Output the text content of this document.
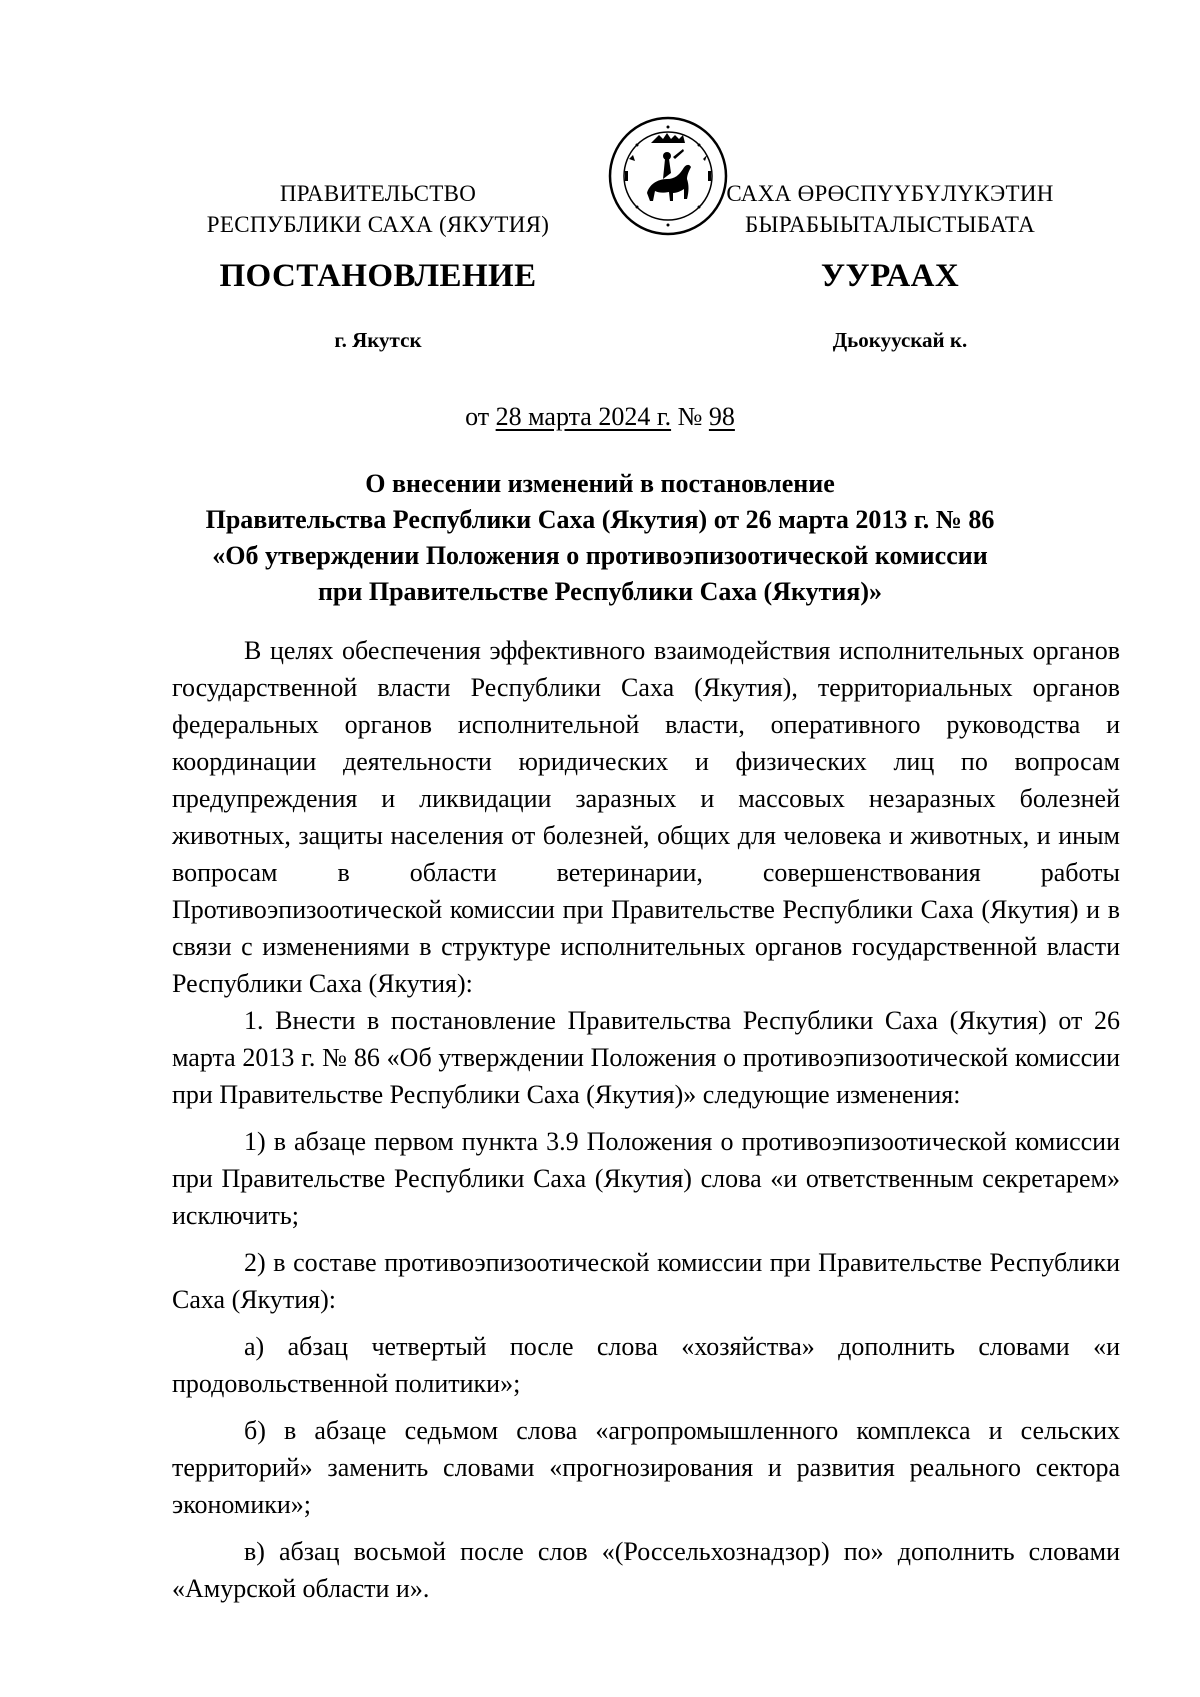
ПРАВИТЕЛЬСТВО
РЕСПУБЛИКИ САХА (ЯКУТИЯ)
САХА ӨРӨСПҮҮБҮЛҮКЭТИН
БЫРАБЫЫТАЛЫСТЫБАТА
ПОСТАНОВЛЕНИЕ	УУРААХ
г. Якутск	Дьокуускай к.
от 28 марта 2024 г. № 98
О внесении изменений в постановление
Правительства Республики Саха (Якутия) от 26 марта 2013 г. № 86
«Об утверждении Положения о противоэпизоотической комиссии
при Правительстве Республики Саха (Якутия)»

В целях обеспечения эффективного взаимодействия исполнительных органов государственной власти Республики Саха (Якутия), территориальных органов федеральных органов исполнительной власти, оперативного руководства и координации деятельности юридических и физических лиц по вопросам предупреждения и ликвидации заразных и массовых незаразных болезней животных, защиты населения от болезней, общих для человека и животных, и иным вопросам в области ветеринарии, совершенствования работы Противоэпизоотической комиссии при Правительстве Республики Саха (Якутия) и в связи с изменениями в структуре исполнительных органов государственной власти Республики Саха (Якутия):

1. Внести в постановление Правительства Республики Саха (Якутия) от 26 марта 2013 г. № 86 «Об утверждении Положения о противоэпизоотической комиссии при Правительстве Республики Саха (Якутия)» следующие изменения:

1) в абзаце первом пункта 3.9 Положения о противоэпизоотической комиссии при Правительстве Республики Саха (Якутия) слова «и ответственным секретарем» исключить;

2) в составе противоэпизоотической комиссии при Правительстве Республики Саха (Якутия):

а) абзац четвертый после слова «хозяйства» дополнить словами «и продовольственной политики»;

б) в абзаце седьмом слова «агропромышленного комплекса и сельских территорий» заменить словами «прогнозирования и развития реального сектора экономики»;

в) абзац восьмой после слов «(Россельхознадзор) по» дополнить словами «Амурской области и».
